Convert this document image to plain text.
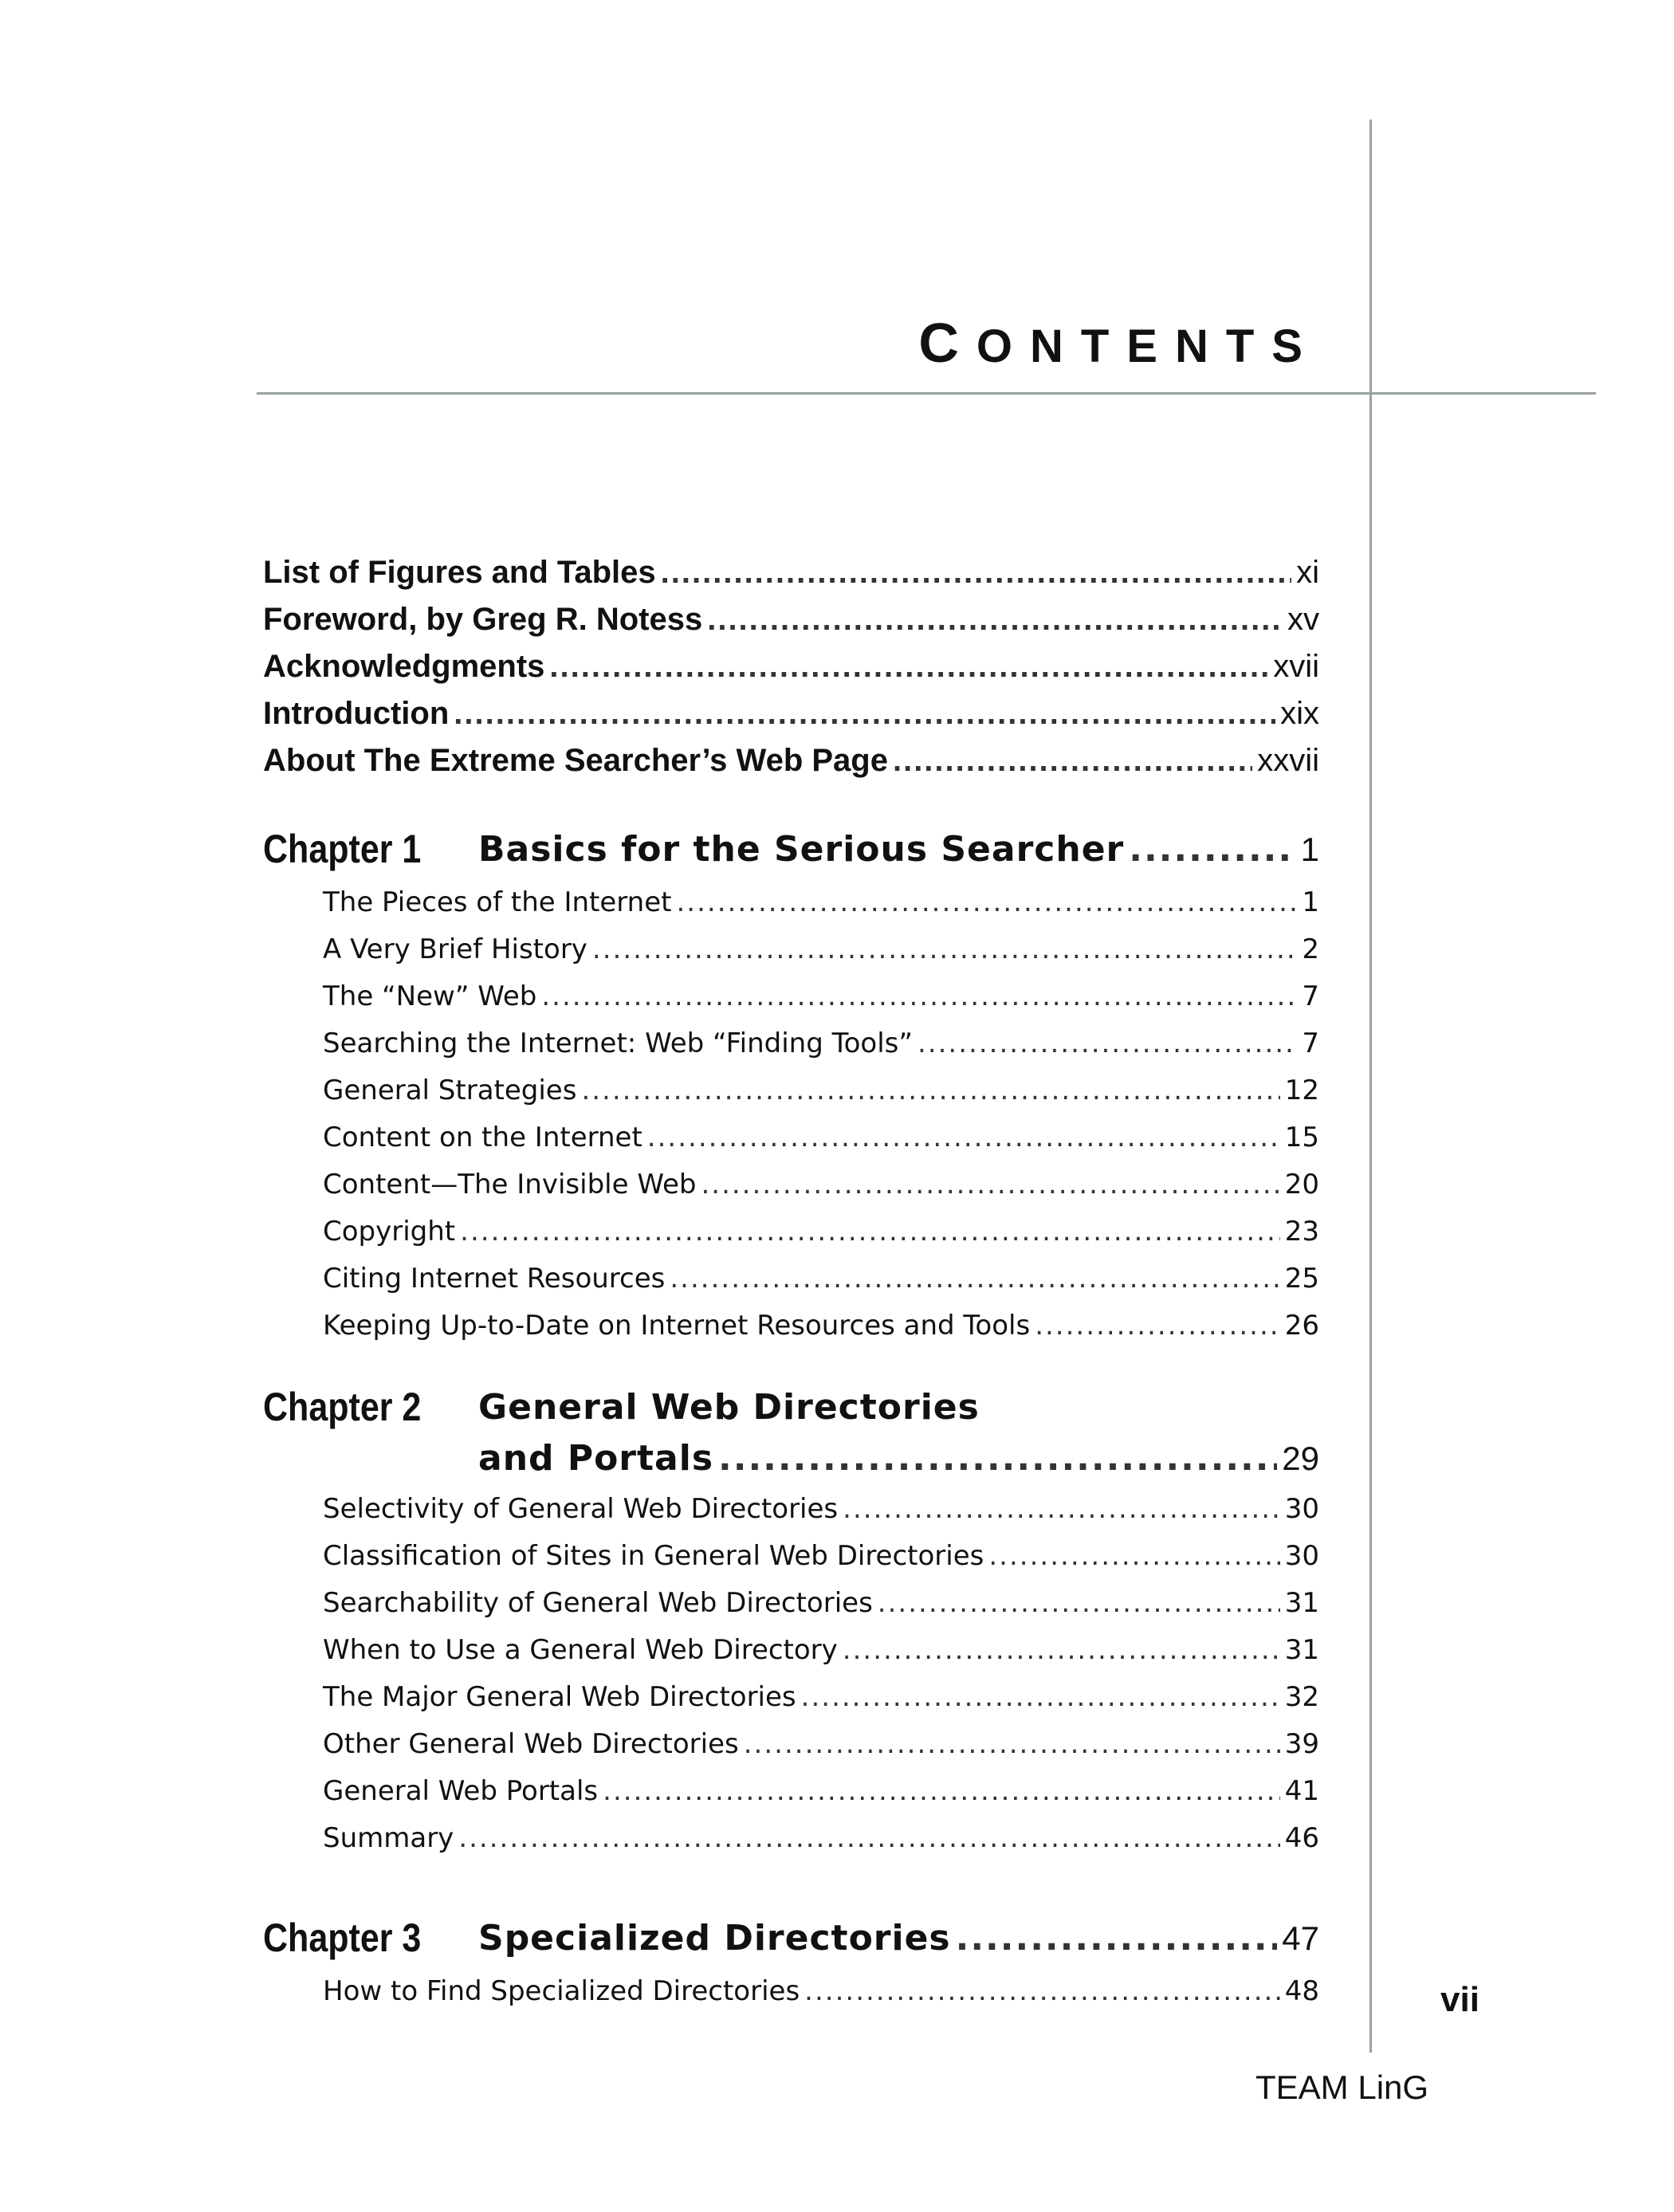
CONTENTS
List of Figures and Tables .....	xi
Foreword, by Greg R. Notess .....	xv
Acknowledgments .....	xvii
Introduction .....	xix
About The Extreme Searcher’s Web Page .....	xxvii
Chapter 1 Basics for the Serious Searcher .....	1
The Pieces of the Internet .....	1
A Very Brief History .....	2
The “New” Web .....	7
Searching the Internet: Web “Finding Tools” .....	7
General Strategies .....	12
Content on the Internet .....	15
Content—The Invisible Web .....	20
Copyright .....	23
Citing Internet Resources .....	25
Keeping Up-to-Date on Internet Resources and Tools .....	26
Chapter 2 General Web Directories
and Portals .....	29
Selectivity of General Web Directories .....	30
Classification of Sites in General Web Directories .....	30
Searchability of General Web Directories .....	31
When to Use a General Web Directory .....	31
The Major General Web Directories .....	32
Other General Web Directories .....	39
General Web Portals .....	41
Summary .....	46
Chapter 3 Specialized Directories .....	47
How to Find Specialized Directories .....	48	vii
TEAM LinG
